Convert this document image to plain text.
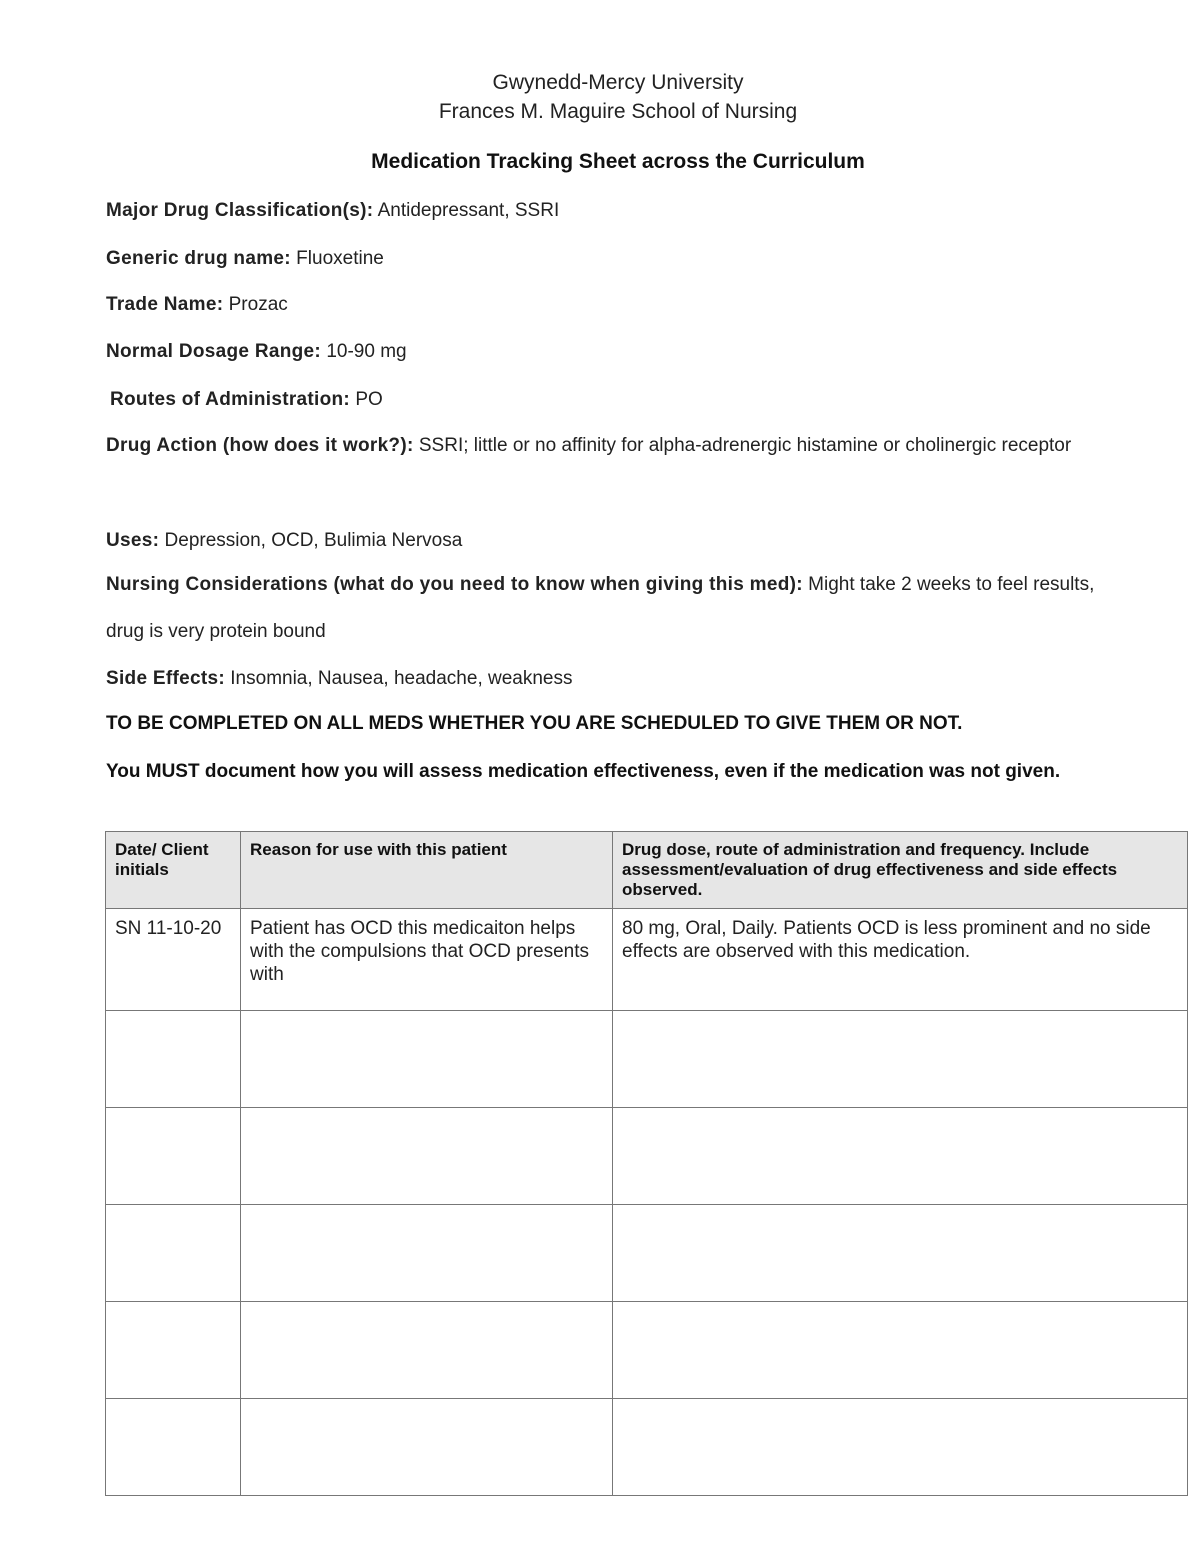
Gwynedd-Mercy University
Frances M. Maguire School of Nursing
Medication Tracking Sheet across the Curriculum
Major Drug Classification(s): Antidepressant, SSRI
Generic drug name: Fluoxetine
Trade Name: Prozac
Normal Dosage Range: 10-90 mg
Routes of Administration: PO
Drug Action (how does it work?): SSRI; little or no affinity for alpha-adrenergic histamine or cholinergic receptor
Uses: Depression, OCD, Bulimia Nervosa
Nursing Considerations (what do you need to know when giving this med): Might take 2 weeks to feel results, drug is very protein bound
Side Effects: Insomnia, Nausea, headache, weakness
TO BE COMPLETED ON ALL MEDS WHETHER YOU ARE SCHEDULED TO GIVE THEM OR NOT.
You MUST document how you will assess medication effectiveness, even if the medication was not given.
Date/ Client initials	Reason for use with this patient	Drug dose, route of administration and frequency. Include assessment/evaluation of drug effectiveness and side effects observed.
SN 11-10-20	Patient has OCD this medicaiton helps with the compulsions that OCD presents with	80 mg, Oral, Daily. Patients OCD is less prominent and no side effects are observed with this medication.
